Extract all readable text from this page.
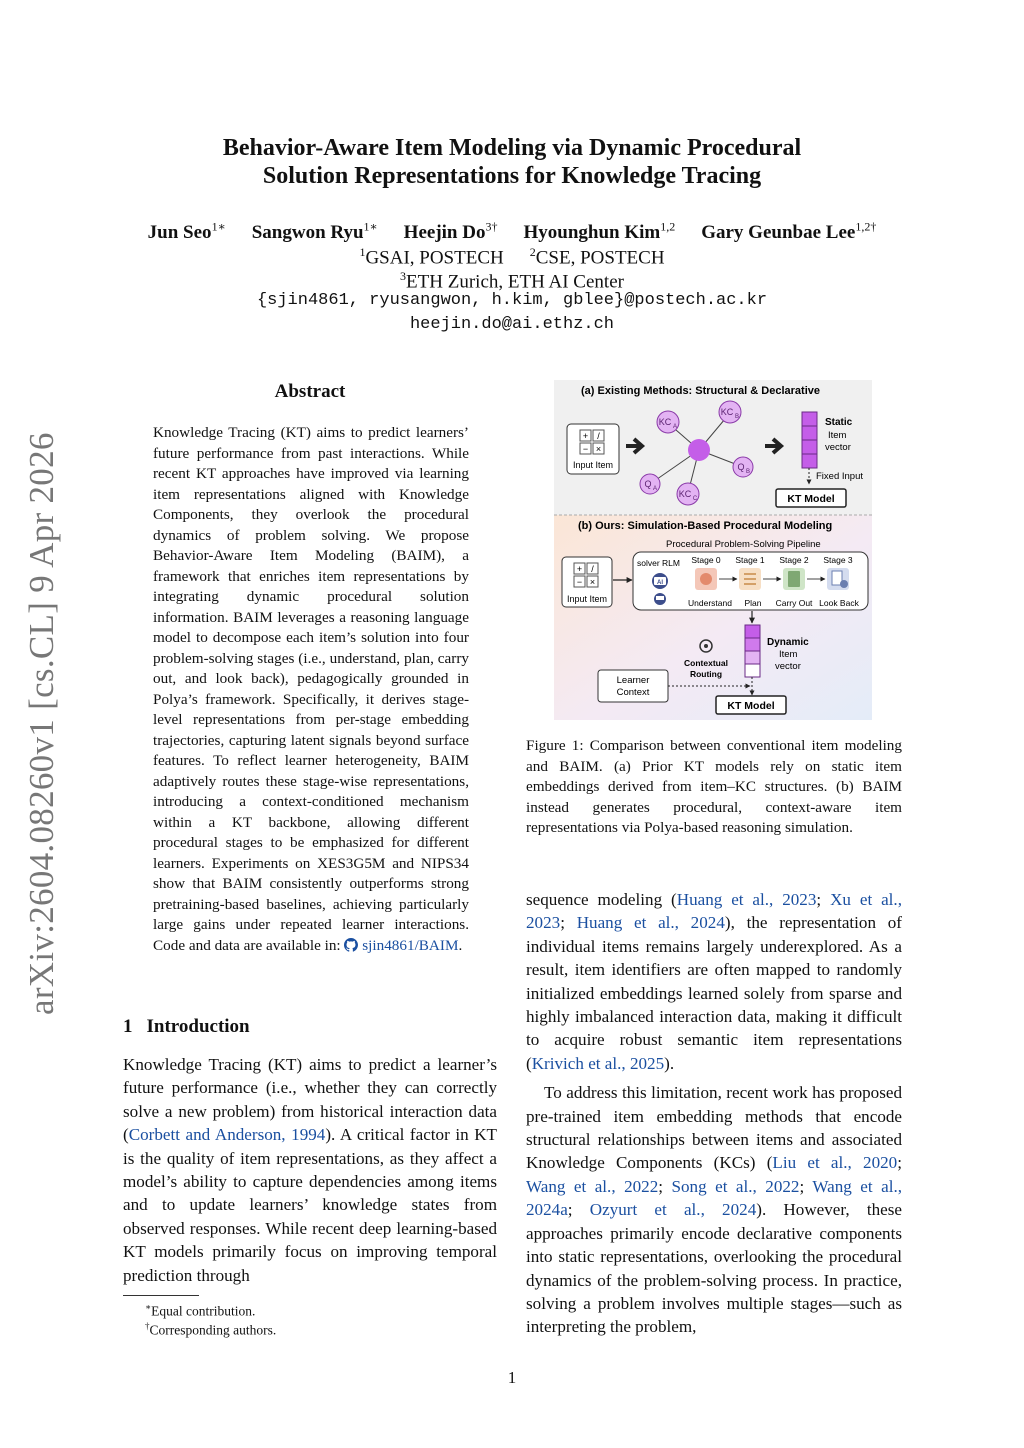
arXiv:2604.08260v1 [cs.CL] 9 Apr 2026
Behavior-Aware Item Modeling via Dynamic Procedural
Solution Representations for Knowledge Tracing
Jun Seo$^{1∗}$ Sangwon Ryu$^{1∗}$ Heejin $Do^{3\dagger}$ Hyounghun Kim$^{1,2}$ Gary Geunbae Lee$^{1,2\dagger}$
$^1$GSAI, POSTECH $^2$CSE, POSTECH
$^3$ETH Zurich, ETH AI Center
{sjin4861, ryusangwon, h.kim, gblee}@postech.ac.kr
heejin.do@ai.ethz.ch
Abstract
Knowledge Tracing (KT) aims to predict learners’ future performance from past interactions. While recent KT approaches have improved via learning item representations aligned with Knowledge Components, they overlook the procedural dynamics of problem solving. We propose Behavior-Aware Item Modeling (BAIM), a framework that enriches item representations by integrating dynamic procedural solution information. BAIM leverages a reasoning language model to decompose each item’s solution into four problem-solving stages (i.e., understand, plan, carry out, and look back), pedagogically grounded in Polya’s framework. Specifically, it derives stage-level representations from per-stage embedding trajectories, capturing latent signals beyond surface features. To reflect learner heterogeneity, BAIM adaptively routes these stage-wise representations, introducing a context-conditioned mechanism within a KT backbone, allowing different procedural stages to be emphasized for different learners. Experiments on XES3G5M and NIPS34 show that BAIM consistently outperforms strong pretraining-based baselines, achieving particularly large gains under repeated learner interactions. Code and data are available in: sjin4861/BAIM.
1 Introduction

Knowledge Tracing (KT) aims to predict a learner’s future performance (i.e., whether they can correctly solve a new problem) from historical interaction data (Corbett and Anderson, 1994). A critical factor in KT is the quality of item representations, as they affect a model’s ability to capture dependencies among items and to update learners’ knowledge states from observed responses. While recent deep learning-based KT models primarily focus on improving temporal prediction through

∗Equal contribution.
†Corresponding authors.
(a) Existing Methods: Structural & Declarative
+ /
− ×
Input Item
KC A
KC B
KC C
Q A
Q B
Static
Item
vector
Fixed Input
KT Model
(b) Ours: Simulation-Based Procedural Modeling
Procedural Problem-Solving Pipeline
+ /
− ×
Input Item
solver RLM
AI
Stage 0
Understand
Stage 1
Plan
Stage 2
Carry Out
Stage 3
Look Back
Dynamic
Item
vector
Contextual
Routing
Learner
Context
KT Model
Figure 1: Comparison between conventional item modeling and BAIM. (a) Prior KT models rely on static item embeddings derived from item–KC structures. (b) BAIM instead generates procedural, context-aware item representations via Polya-based reasoning simulation.

sequence modeling (Huang et al., 2023; Xu et al., 2023; Huang et al., 2024), the representation of individual items remains largely underexplored. As a result, item identifiers are often mapped to randomly initialized embeddings learned solely from sparse and highly imbalanced interaction data, making it difficult to acquire robust semantic item representations (Krivich et al., 2025).

To address this limitation, recent work has proposed pre-trained item embedding methods that encode structural relationships between items and associated Knowledge Components (KCs) (Liu et al., 2020; Wang et al., 2022; Song et al., 2022; Wang et al., 2024a; Ozyurt et al., 2024). However, these approaches primarily encode declarative components into static representations, overlooking the procedural dynamics of the problem-solving process. In practice, solving a problem involves multiple stages—such as interpreting the problem,

1
